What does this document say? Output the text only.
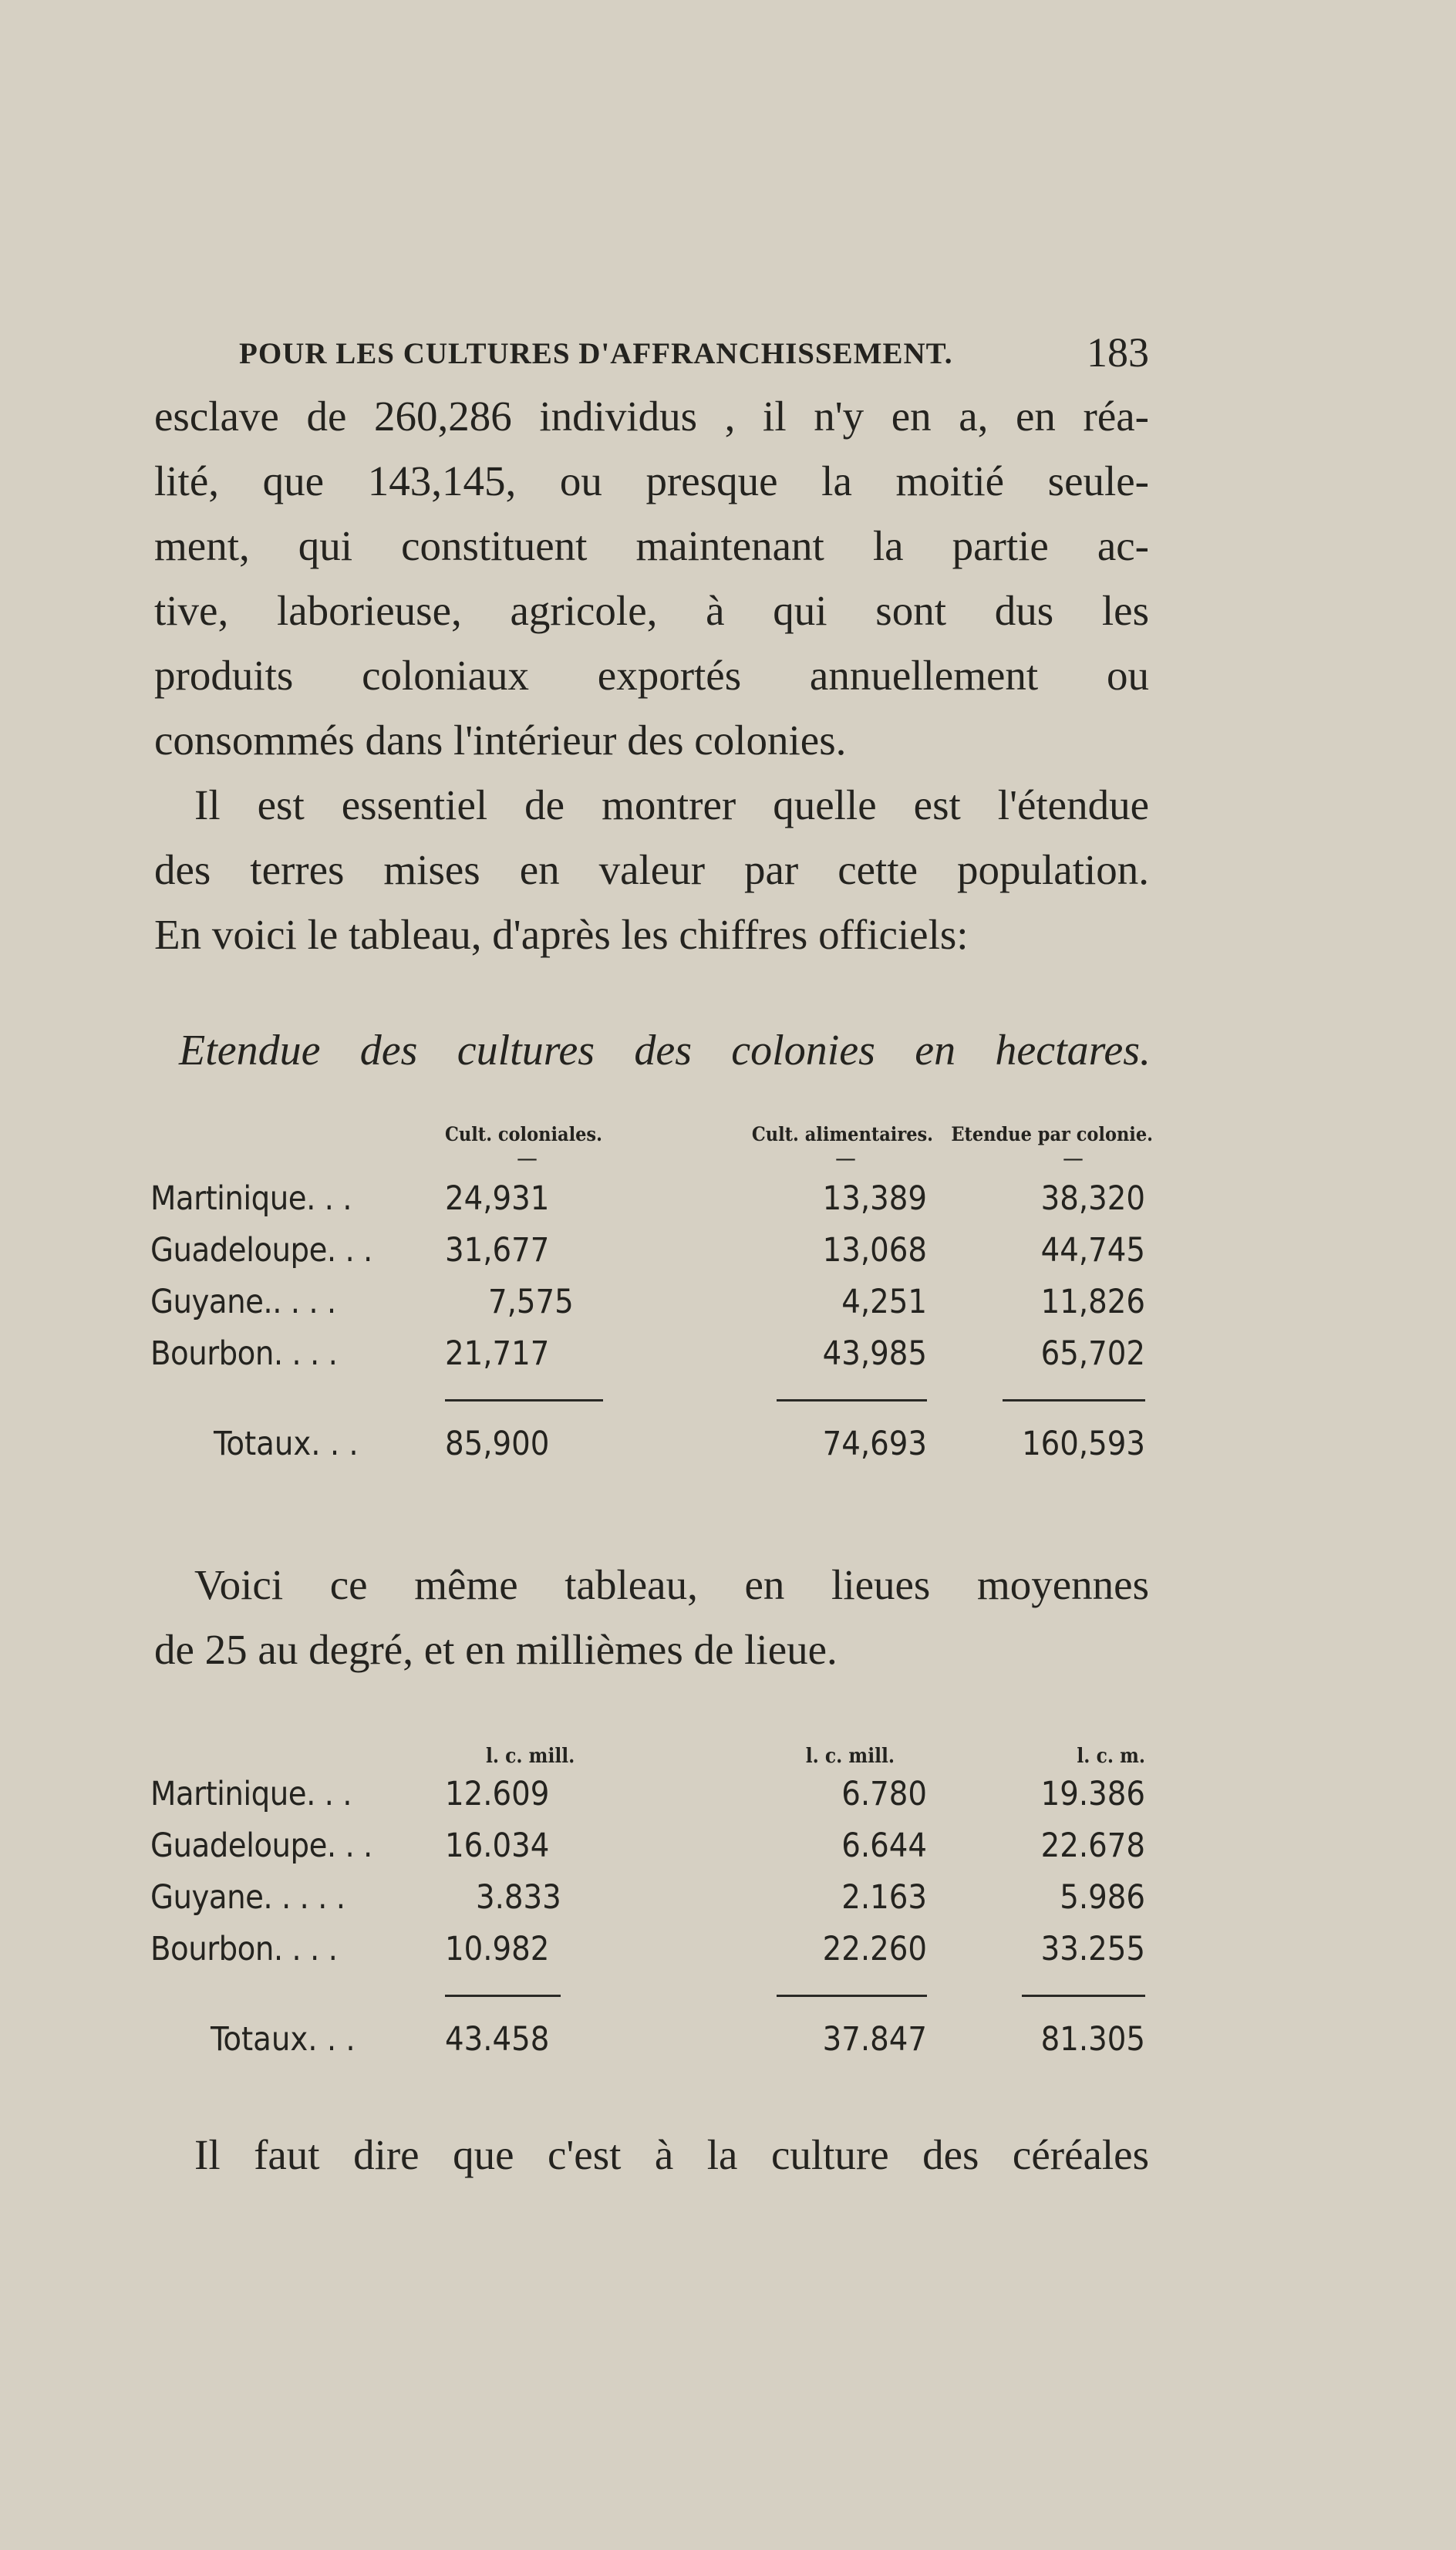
POUR LES CULTURES D'AFFRANCHISSEMENT.	183
esclave de 260,286 individus , il n'y en a, en réa-
lité, que 143,145, ou presque la moitié seule-
ment, qui constituent maintenant la partie ac-
tive, laborieuse, agricole, à qui sont dus les
produits coloniaux exportés annuellement ou
consommés dans l'intérieur des colonies.
Il est essentiel de montrer quelle est l'étendue
des terres mises en valeur par cette population.
En voici le tableau, d'après les chiffres officiels:
Etendue des cultures des colonies en hectares.
	Cult. coloniales.	Cult. alimentaires.	Etendue par colonie.
	—	—	—
Martinique. . .	24,931	13,389	38,320
Guadeloupe. . .	31,677	13,068	44,745
Guyane.. . . .	7,575	4,251	11,826
Bourbon. . . .	21,717	43,985	65,702

Totaux. . .	85,900	74,693	160,593
Voici ce même tableau, en lieues moyennes
de 25 au degré, et en millièmes de lieue.
	l. c. mill.	l. c. mill.	l. c. m.
Martinique. . .	12.609	6.780	19.386
Guadeloupe. . .	16.034	6.644	22.678
Guyane. . . . .	3.833	2.163	5.986
Bourbon. . . .	10.982	22.260	33.255

Totaux. . .	43.458	37.847	81.305
Il faut dire que c'est à la culture des céréales
